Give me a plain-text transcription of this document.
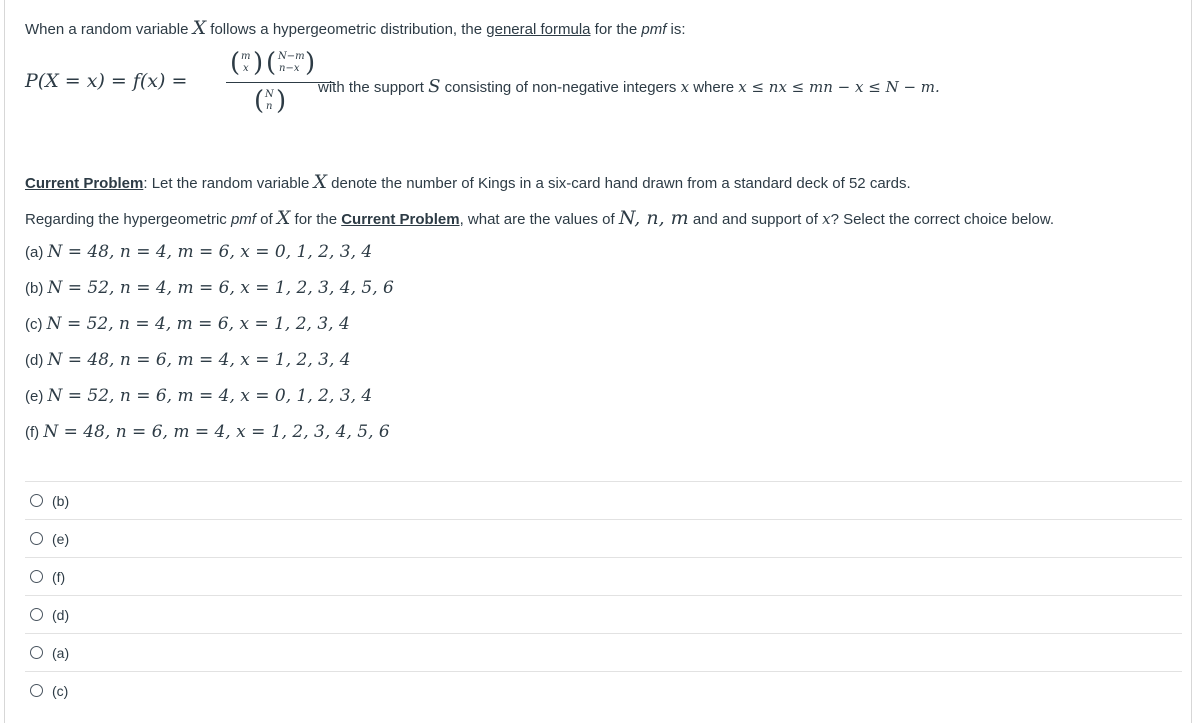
When a random variable X follows a hypergeometric distribution, the general formula for the pmf is:
P(X = x) = f(x) =
( m
x ) ( N−m
n−x )
( N
n ) with the support S consisting of non-negative integers x where x ≤ nx ≤ mn − x ≤ N − m.
Current Problem: Let the random variable X denote the number of Kings in a six-card hand drawn from a standard deck of 52 cards.
Regarding the hypergeometric pmf of X for the Current Problem, what are the values of N, n, m and and support of x? Select the correct choice below.
(a) N = 48, n = 4, m = 6, x = 0, 1, 2, 3, 4
(b) N = 52, n = 4, m = 6, x = 1, 2, 3, 4, 5, 6
(c) N = 52, n = 4, m = 6, x = 1, 2, 3, 4
(d) N = 48, n = 6, m = 4, x = 1, 2, 3, 4
(e) N = 52, n = 6, m = 4, x = 0, 1, 2, 3, 4
(f) N = 48, n = 6, m = 4, x = 1, 2, 3, 4, 5, 6
(b)
(e)
(f)
(d)
(a)
(c)
